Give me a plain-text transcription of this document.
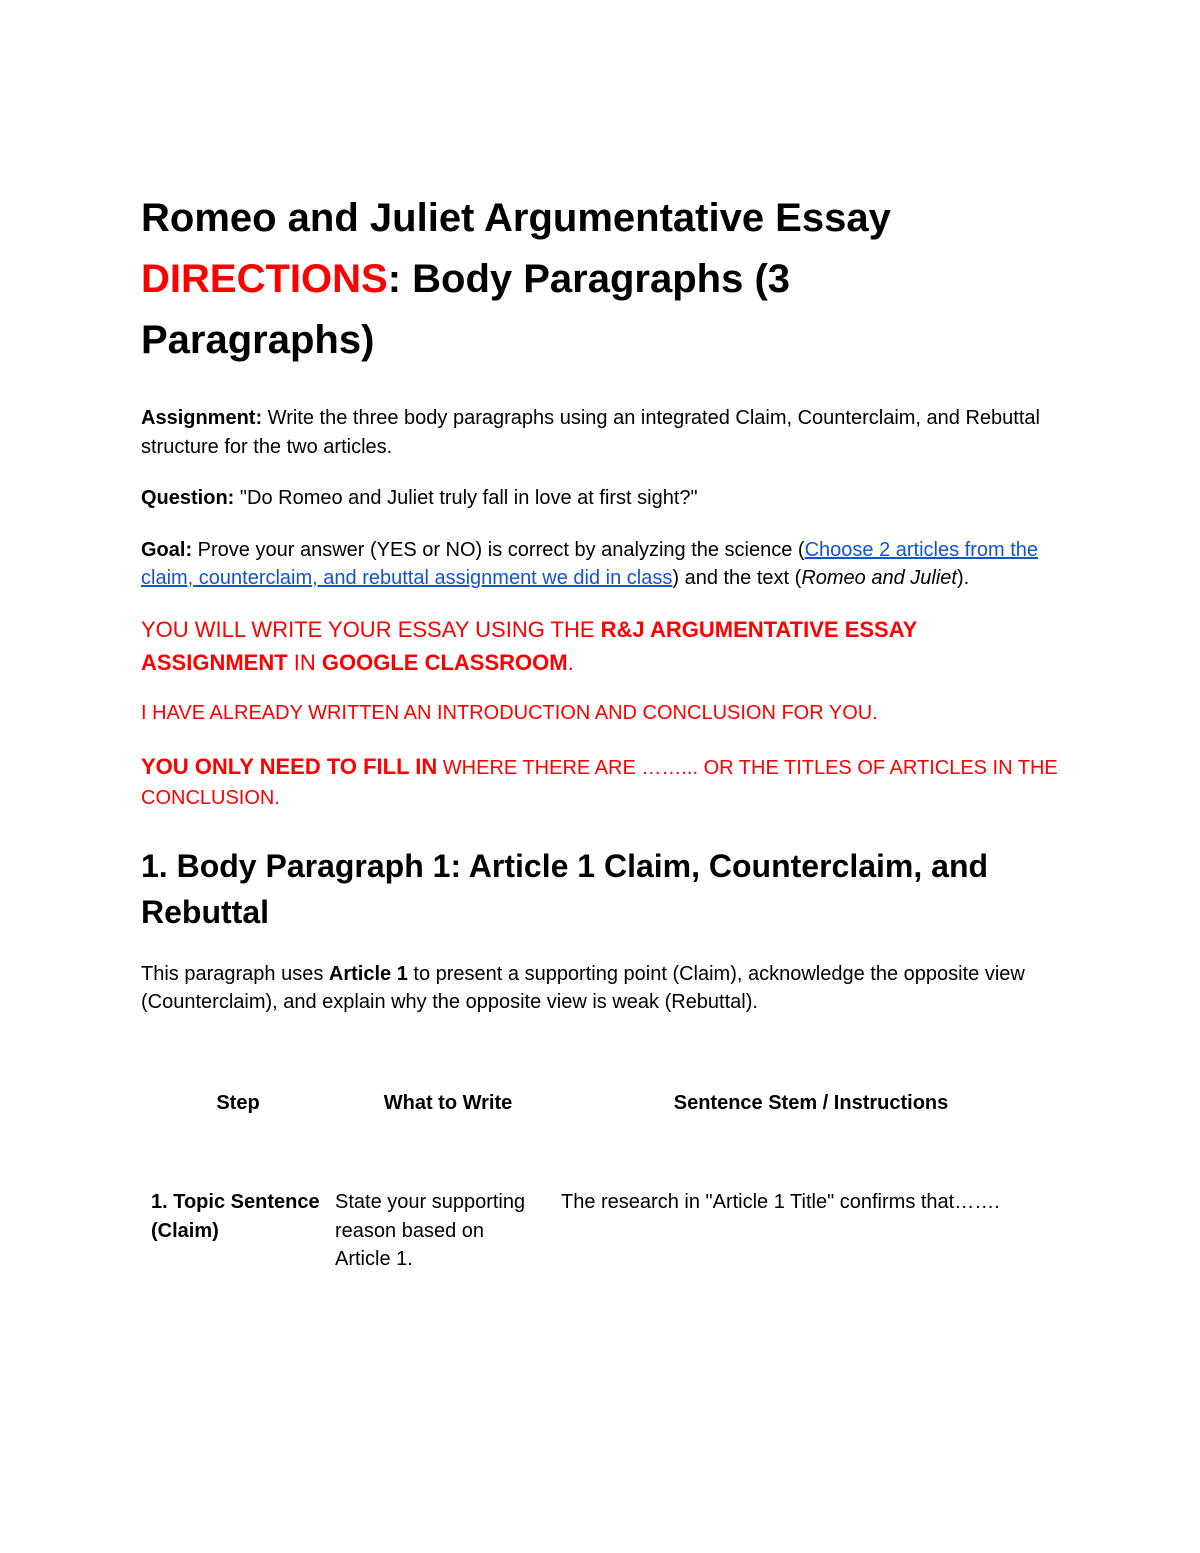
Romeo and Juliet Argumentative Essay

DIRECTIONS: Body Paragraphs (3

Paragraphs)

Assignment: Write the three body paragraphs using an integrated Claim, Counterclaim, and Rebuttal structure for the two articles.

Question: "Do Romeo and Juliet truly fall in love at first sight?"

Goal: Prove your answer (YES or NO) is correct by analyzing the science (Choose 2 articles from the claim, counterclaim, and rebuttal assignment we did in class) and the text (Romeo and Juliet).

YOU WILL WRITE YOUR ESSAY USING THE R&J ARGUMENTATIVE ESSAY ASSIGNMENT IN GOOGLE CLASSROOM.

I HAVE ALREADY WRITTEN AN INTRODUCTION AND CONCLUSION FOR YOU.

YOU ONLY NEED TO FILL IN WHERE THERE ARE ……... OR THE TITLES OF ARTICLES IN THE CONCLUSION.

1. Body Paragraph 1: Article 1 Claim, Counterclaim, and Rebuttal

This paragraph uses Article 1 to present a supporting point (Claim), acknowledge the opposite view (Counterclaim), and explain why the opposite view is weak (Rebuttal).

Step	What to Write	Sentence Stem / Instructions
1. Topic Sentence (Claim)	State your supporting reason based on Article 1.	The research in "Article 1 Title" confirms that…….
